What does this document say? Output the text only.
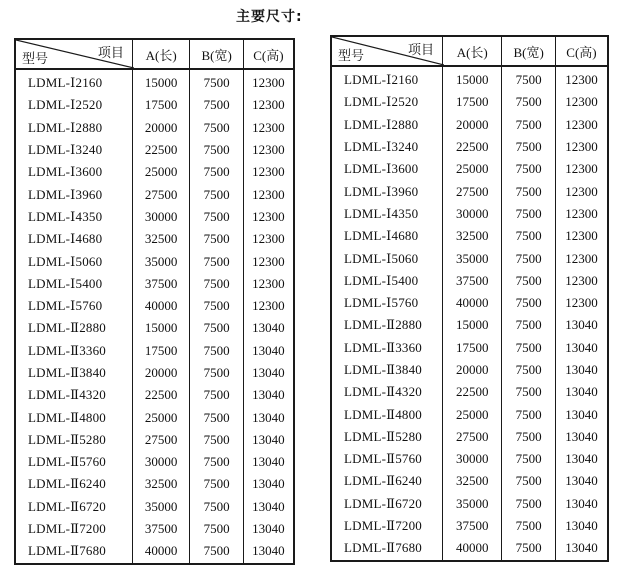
主要尺寸:
项目
型号	A(长)	B(宽)	C(高)
LDML-Ⅰ2160	15000	7500	12300
LDML-Ⅰ2520	17500	7500	12300
LDML-Ⅰ2880	20000	7500	12300
LDML-Ⅰ3240	22500	7500	12300
LDML-Ⅰ3600	25000	7500	12300
LDML-Ⅰ3960	27500	7500	12300
LDML-Ⅰ4350	30000	7500	12300
LDML-Ⅰ4680	32500	7500	12300
LDML-Ⅰ5060	35000	7500	12300
LDML-Ⅰ5400	37500	7500	12300
LDML-Ⅰ5760	40000	7500	12300
LDML-Ⅱ2880	15000	7500	13040
LDML-Ⅱ3360	17500	7500	13040
LDML-Ⅱ3840	20000	7500	13040
LDML-Ⅱ4320	22500	7500	13040
LDML-Ⅱ4800	25000	7500	13040
LDML-Ⅱ5280	27500	7500	13040
LDML-Ⅱ5760	30000	7500	13040
LDML-Ⅱ6240	32500	7500	13040
LDML-Ⅱ6720	35000	7500	13040
LDML-Ⅱ7200	37500	7500	13040
LDML-Ⅱ7680	40000	7500	13040
项目
型号	A(长)	B(宽)	C(高)
LDML-Ⅰ2160	15000	7500	12300
LDML-Ⅰ2520	17500	7500	12300
LDML-Ⅰ2880	20000	7500	12300
LDML-Ⅰ3240	22500	7500	12300
LDML-Ⅰ3600	25000	7500	12300
LDML-Ⅰ3960	27500	7500	12300
LDML-Ⅰ4350	30000	7500	12300
LDML-Ⅰ4680	32500	7500	12300
LDML-Ⅰ5060	35000	7500	12300
LDML-Ⅰ5400	37500	7500	12300
LDML-Ⅰ5760	40000	7500	12300
LDML-Ⅱ2880	15000	7500	13040
LDML-Ⅱ3360	17500	7500	13040
LDML-Ⅱ3840	20000	7500	13040
LDML-Ⅱ4320	22500	7500	13040
LDML-Ⅱ4800	25000	7500	13040
LDML-Ⅱ5280	27500	7500	13040
LDML-Ⅱ5760	30000	7500	13040
LDML-Ⅱ6240	32500	7500	13040
LDML-Ⅱ6720	35000	7500	13040
LDML-Ⅱ7200	37500	7500	13040
LDML-Ⅱ7680	40000	7500	13040
